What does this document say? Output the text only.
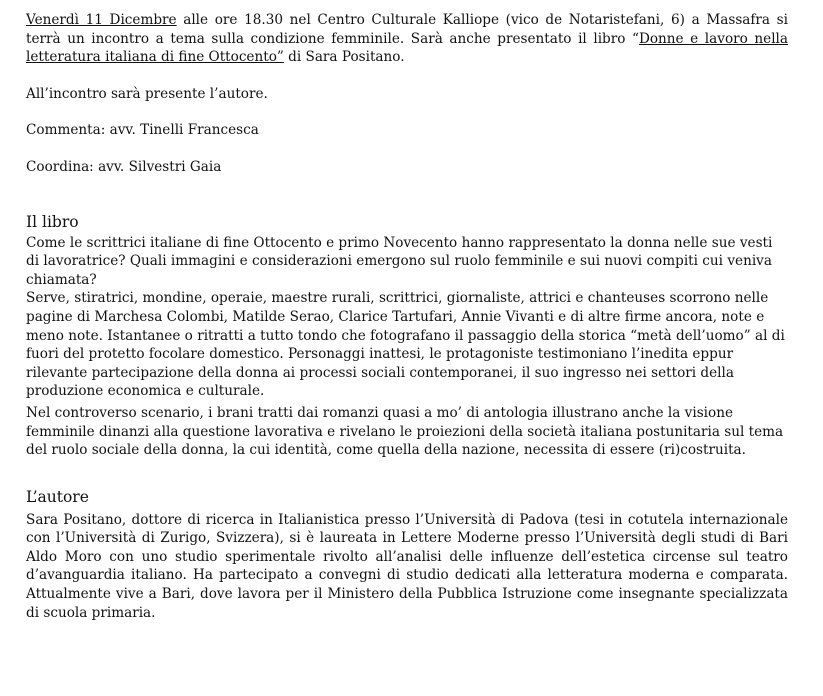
Venerdì 11 Dicembre alle ore 18.30 nel Centro Culturale Kalliope (vico de Notaristefani, 6) a Massafra si terrà un incontro a tema sulla condizione femminile. Sarà anche presentato il libro “Donne e lavoro nella letteratura italiana di fine Ottocento” di Sara Positano.

All’incontro sarà presente l’autore.

Commenta: avv. Tinelli Francesca

Coordina: avv. Silvestri Gaia

Il libro

Come le scrittrici italiane di fine Ottocento e primo Novecento hanno rappresentato la donna nelle sue vesti di lavoratrice? Quali immagini e considerazioni emergono sul ruolo femminile e sui nuovi compiti cui veniva chiamata?

Serve, stiratrici, mondine, operaie, maestre rurali, scrittrici, giornaliste, attrici e chanteuses scorrono nelle pagine di Marchesa Colombi, Matilde Serao, Clarice Tartufari, Annie Vivanti e di altre firme ancora, note e meno note. Istantanee o ritratti a tutto tondo che fotografano il passaggio della storica “metà dell’uomo” al di fuori del protetto focolare domestico. Personaggi inattesi, le protagoniste testimoniano l’inedita eppur rilevante partecipazione della donna ai processi sociali contemporanei, il suo ingresso nei settori della produzione economica e culturale.

Nel controverso scenario, i brani tratti dai romanzi quasi a mo’ di antologia illustrano anche la visione femminile dinanzi alla questione lavorativa e rivelano le proiezioni della società italiana postunitaria sul tema del ruolo sociale della donna, la cui identità, come quella della nazione, necessita di essere (ri)costruita.

L’autore

Sara Positano, dottore di ricerca in Italianistica presso l’Università di Padova (tesi in cotutela internazionale con l’Università di Zurigo, Svizzera), si è laureata in Lettere Moderne presso l’Università degli studi di Bari Aldo Moro con uno studio sperimentale rivolto all’analisi delle influenze dell’estetica circense sul teatro d’avanguardia italiano. Ha partecipato a convegni di studio dedicati alla letteratura moderna e comparata. Attualmente vive a Bari, dove lavora per il Ministero della Pubblica Istruzione come insegnante specializzata di scuola primaria.
